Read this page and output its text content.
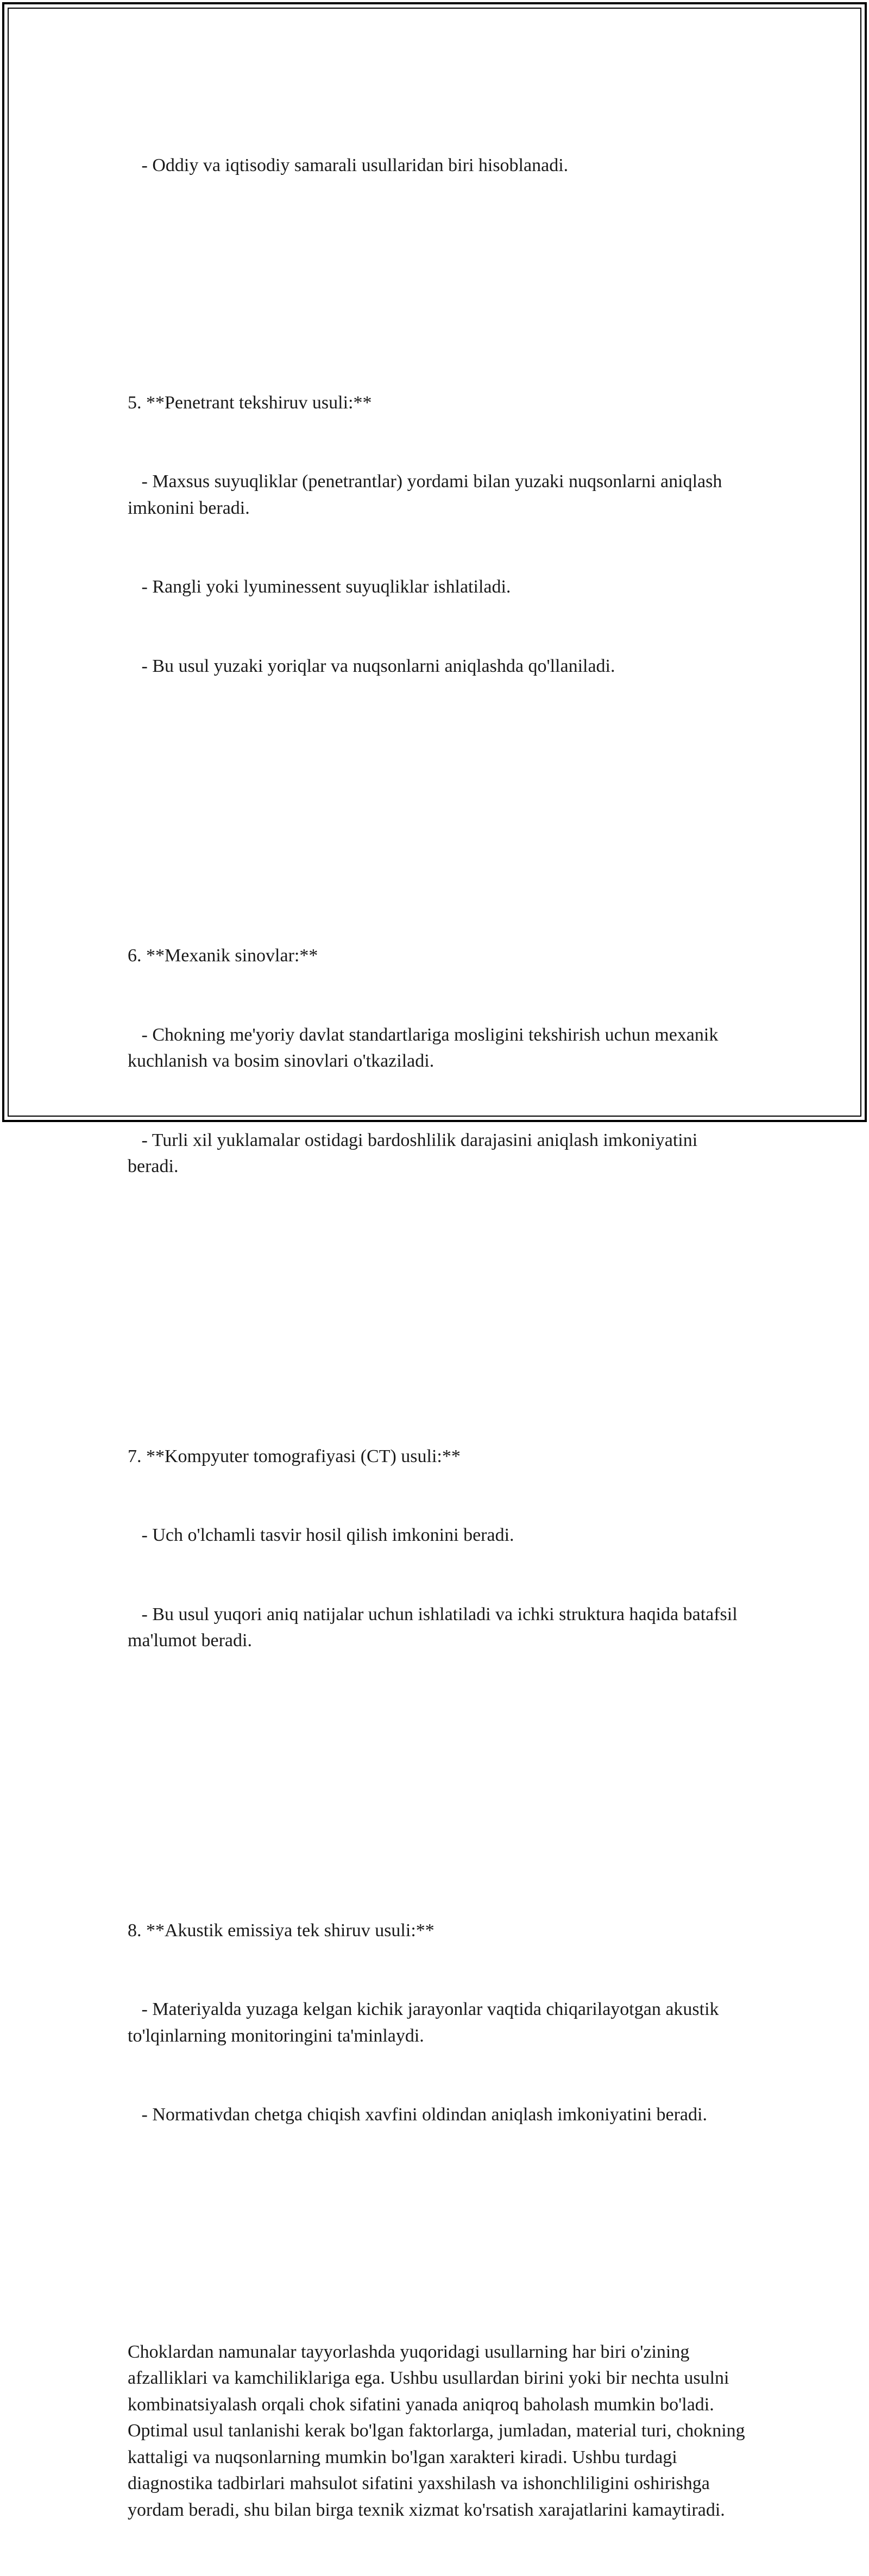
- Oddiy va iqtisodiy samarali usullaridan biri hisoblanadi.

5. **Penetrant tekshiruv usuli:**

- Maxsus suyuqliklar (penetrantlar) yordami bilan yuzaki nuqsonlarni aniqlash imkonini beradi.

- Rangli yoki lyuminessent suyuqliklar ishlatiladi.

- Bu usul yuzaki yoriqlar va nuqsonlarni aniqlashda qo'llaniladi.

6. **Mexanik sinovlar:**

- Chokning me'yoriy davlat standartlariga mosligini tekshirish uchun mexanik kuchlanish va bosim sinovlari o'tkaziladi.

- Turli xil yuklamalar ostidagi bardoshlilik darajasini aniqlash imkoniyatini beradi.

7. **Kompyuter tomografiyasi (CT) usuli:**

- Uch o'lchamli tasvir hosil qilish imkonini beradi.

- Bu usul yuqori aniq natijalar uchun ishlatiladi va ichki struktura haqida batafsil ma'lumot beradi.

8. **Akustik emissiya tek shiruv usuli:**

- Materiyalda yuzaga kelgan kichik jarayonlar vaqtida chiqarilayotgan akustik to'lqinlarning monitoringini ta'minlaydi.

- Normativdan chetga chiqish xavfini oldindan aniqlash imkoniyatini beradi.

Choklardan namunalar tayyorlashda yuqoridagi usullarning har biri o'zining afzalliklari va kamchiliklariga ega. Ushbu usullardan birini yoki bir nechta usulni kombinatsiyalash orqali chok sifatini yanada aniqroq baholash mumkin bo'ladi. Optimal usul tanlanishi kerak bo'lgan faktorlarga, jumladan, material turi, chokning kattaligi va nuqsonlarning mumkin bo'lgan xarakteri kiradi. Ushbu turdagi diagnostika tadbirlari mahsulot sifatini yaxshilash va ishonchliligini oshirishga yordam beradi, shu bilan birga texnik xizmat ko'rsatish xarajatlarini kamaytiradi.
